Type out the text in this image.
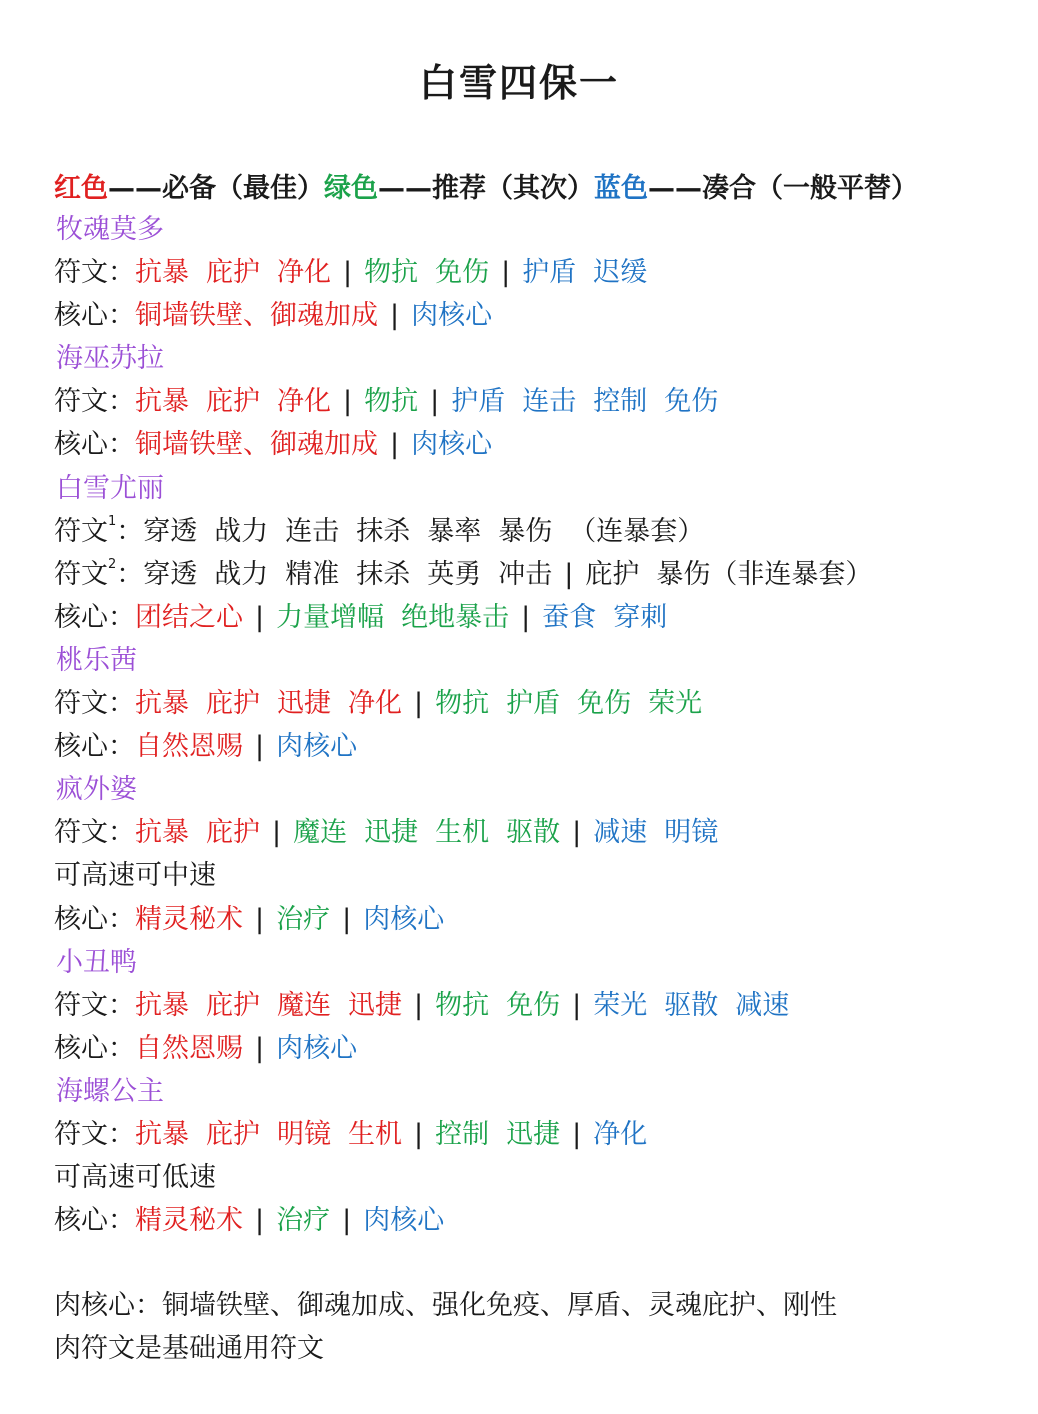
白雪四保一
红色——必备（最佳）绿色——推荐（其次）蓝色——凑合（一般平替）
牧魂莫多
符文：抗暴 庇护 净化 | 物抗 免伤 | 护盾 迟缓
核心：铜墙铁壁、御魂加成 | 肉核心
海巫苏拉
符文：抗暴 庇护 净化 | 物抗 | 护盾 连击 控制 免伤
核心：铜墙铁壁、御魂加成 | 肉核心
白雪尤丽
符文$^1$：穿透 战力 连击 抹杀 暴率 暴伤 （连暴套）
符文$^2$：穿透 战力 精准 抹杀 英勇 冲击 | 庇护 暴伤（非连暴套）
核心：团结之心 | 力量增幅 绝地暴击 | 蚕食 穿刺
桃乐茜
符文：抗暴 庇护 迅捷 净化 | 物抗 护盾 免伤 荣光
核心：自然恩赐 | 肉核心
疯外婆
符文：抗暴 庇护 | 魔连 迅捷 生机 驱散 | 减速 明镜
可高速可中速
核心：精灵秘术 | 治疗 | 肉核心
小丑鸭
符文：抗暴 庇护 魔连 迅捷 | 物抗 免伤 | 荣光 驱散 减速
核心：自然恩赐 | 肉核心
海螺公主
符文：抗暴 庇护 明镜 生机 | 控制 迅捷 | 净化
可高速可低速
核心：精灵秘术 | 治疗 | 肉核心
肉核心：铜墙铁壁、御魂加成、强化免疫、厚盾、灵魂庇护、刚性
肉符文是基础通用符文
